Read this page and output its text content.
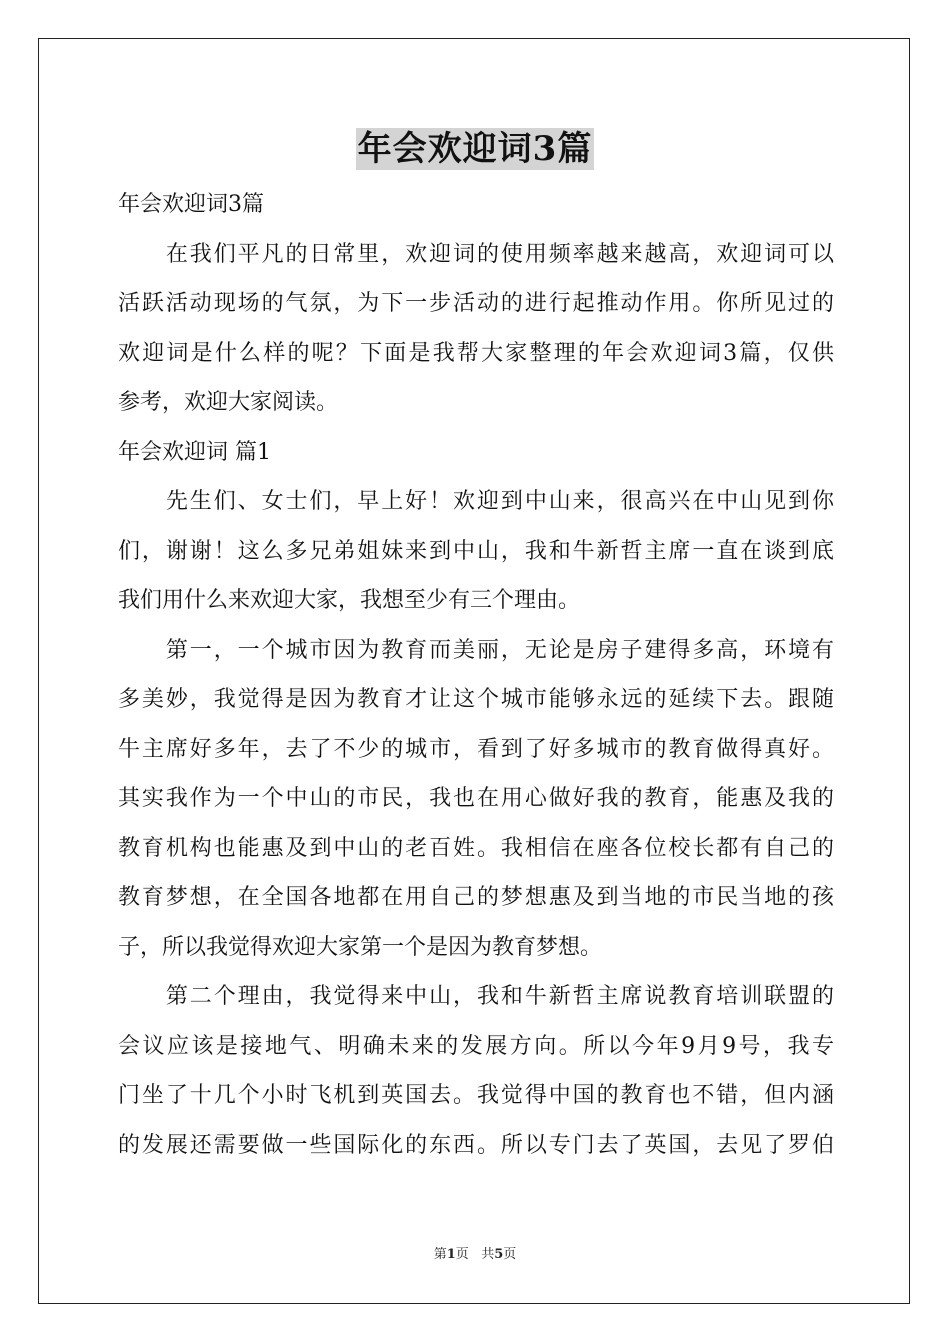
年会欢迎词3篇
年会欢迎词3篇
　　在我们平凡的日常里，欢迎词的使用频率越来越高，欢迎词可以
活跃活动现场的气氛，为下一步活动的进行起推动作用。你所见过的
欢迎词是什么样的呢？下面是我帮大家整理的年会欢迎词3篇，仅供
参考，欢迎大家阅读。
年会欢迎词 篇1
　　先生们、女士们，早上好！欢迎到中山来，很高兴在中山见到你
们，谢谢！这么多兄弟姐妹来到中山，我和牛新哲主席一直在谈到底
我们用什么来欢迎大家，我想至少有三个理由。
　　第一，一个城市因为教育而美丽，无论是房子建得多高，环境有
多美妙，我觉得是因为教育才让这个城市能够永远的延续下去。跟随
牛主席好多年，去了不少的城市，看到了好多城市的教育做得真好。
其实我作为一个中山的市民，我也在用心做好我的教育，能惠及我的
教育机构也能惠及到中山的老百姓。我相信在座各位校长都有自己的
教育梦想，在全国各地都在用自己的梦想惠及到当地的市民当地的孩
子，所以我觉得欢迎大家第一个是因为教育梦想。
　　第二个理由，我觉得来中山，我和牛新哲主席说教育培训联盟的
会议应该是接地气、明确未来的发展方向。所以今年9月9号，我专
门坐了十几个小时飞机到英国去。我觉得中国的教育也不错，但内涵
的发展还需要做一些国际化的东西。所以专门去了英国，去见了罗伯
第1页 共5页
